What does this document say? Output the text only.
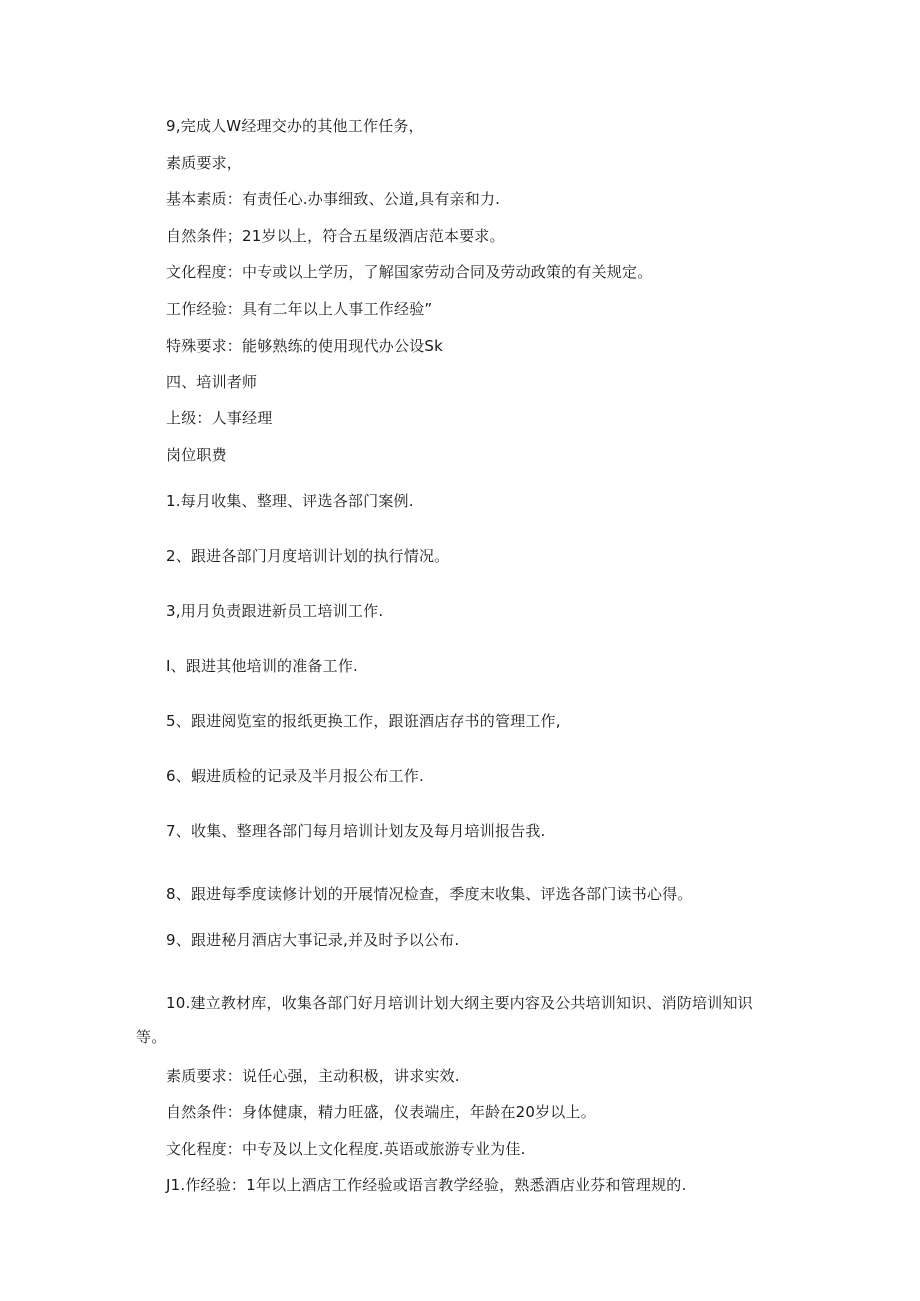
9,完成人W经理交办的其他工作任务，
素质要求，
基本素质：有责任心.办事细致、公道,具有亲和力.
自然条件；21岁以上，符合五星级酒店范本要求。
文化程度：中专或以上学历，了解国家劳动合同及劳动政策的有关规定。
工作经验：具有二年以上人事工作经验”
特殊要求：能够熟练的使用现代办公设Sk
四、培训者师
上级：人事经理
岗位职费
1.每月收集、整理、评选各部门案例.
2、跟进各部门月度培训计划的执行情况。
3,用月负责跟进新员工培训工作.
I、跟进其他培训的准备工作.
5、跟进阅览室的报纸更换工作，跟诳酒店存书的管理工作,
6、蝦进质检的记录及半月报公布工作.
7、收集、整理各部门每月培训计划友及每月培训报告我.
8、跟进每季度读修计划的开展情况检查，季度末收集、评选各部门读书心得。
9、跟进秘月酒店大事记录,并及时予以公布.
10.建立教材库，收集各部门好月培训计划大纲主要内容及公共培训知识、消防培训知识等。
素质要求：说任心强，主动积极，讲求实效.
自然条件：身体健康，精力旺盛，仪表端庄，年龄在20岁以上。
文化程度：中专及以上文化程度.英语或旅游专业为佳.
J1.作经验：1年以上酒店工作经验或语言教学经验，熟悉酒店业芬和管理规的.
